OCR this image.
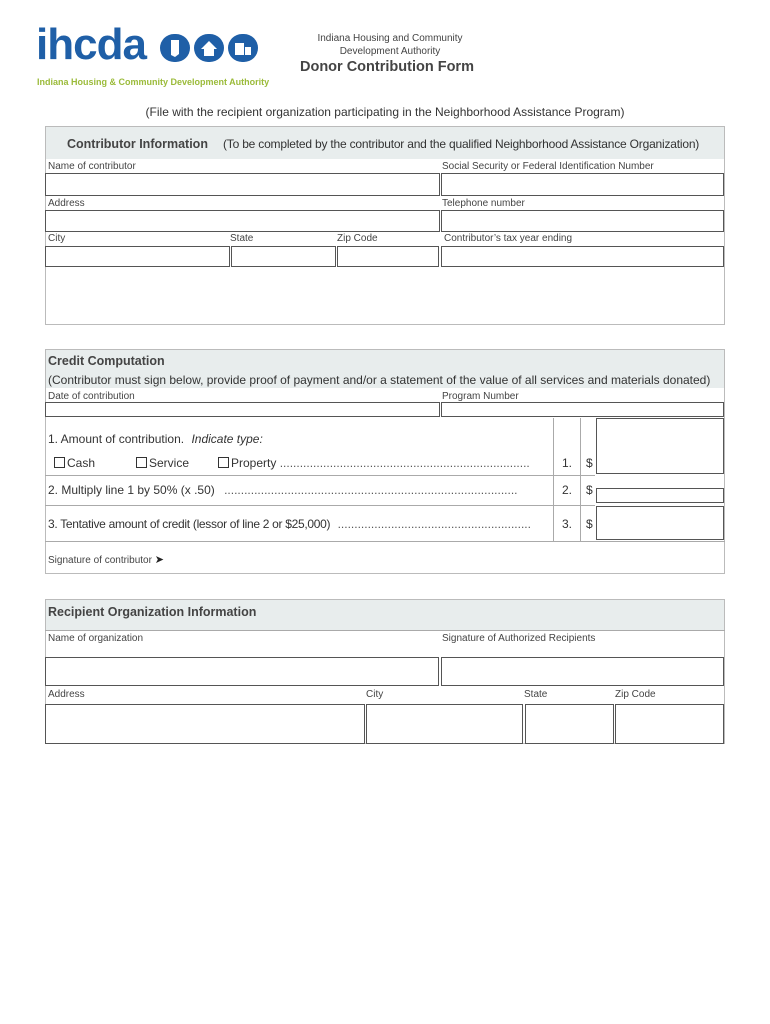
ihcda
Indiana Housing & Community Development Authority
Indiana Housing and Community
Development Authority
Donor Contribution Form
(File with the recipient organization participating in the Neighborhood Assistance Program)
Contributor Information (To be completed by the contributor and the qualified Neighborhood Assistance Organization)
Name of contributor	Social Security or Federal Identification Number
Address	Telephone number
City	State	Zip Code	Contributor’s tax year ending
Credit Computation
(Contributor must sign below, provide proof of payment and/or a statement of the value of all services and materials donated)
Date of contribution	Program Number
1. Amount of contribution. Indicate type:
Cash	Service	Property ...........................................................................	1. $
2. Multiply line 1 by 50% (x .50) ........................................................................................	2. $
3. Tentative amount of credit (lessor of line 2 or $25,000) ..........................................................	3. $
Signature of contributor ➤
Recipient Organization Information
Name of organization	Signature of Authorized Recipients
Address	City	State	Zip Code
